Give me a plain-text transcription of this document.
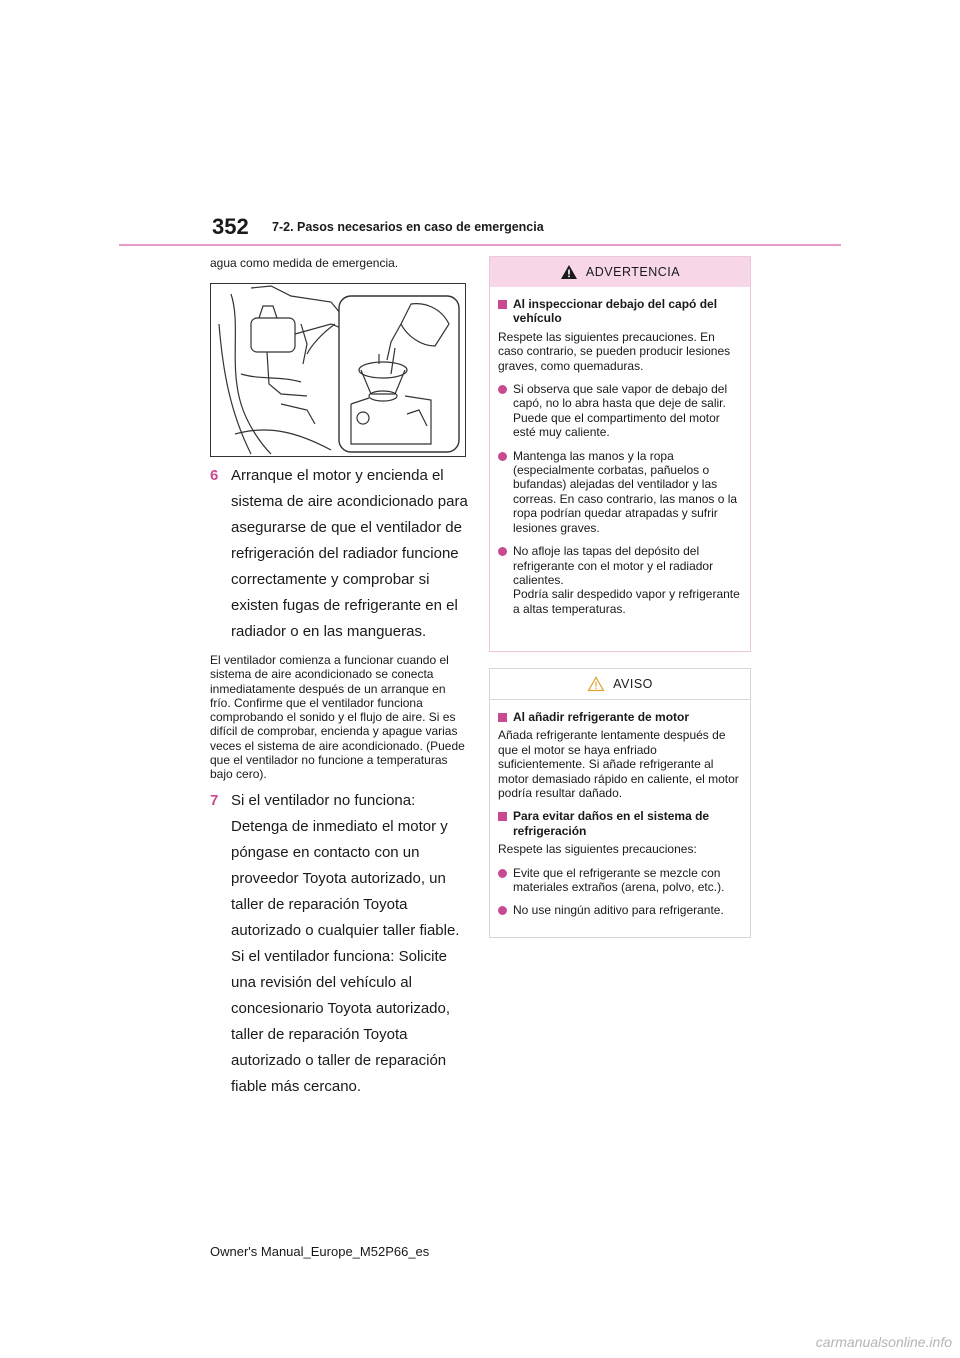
352 7-2. Pasos necesarios en caso de emergencia

agua como medida de emergencia.

6 Arranque el motor y encienda el sistema de aire acondicionado para asegurarse de que el ventilador de refrigeración del radiador funcione correctamente y comprobar si existen fugas de refrigerante en el radiador o en las mangueras.

El ventilador comienza a funcionar cuando el sistema de aire acondicionado se conecta inmediatamente después de un arranque en frío. Confirme que el ventilador funciona comprobando el sonido y el flujo de aire. Si es difícil de comprobar, encienda y apague varias veces el sistema de aire acondicionado. (Puede que el ventilador no funcione a temperaturas bajo cero).

7 Si el ventilador no funciona: Detenga de inmediato el motor y póngase en contacto con un proveedor Toyota autorizado, un taller de reparación Toyota autorizado o cualquier taller fiable.

Si el ventilador funciona: Solicite una revisión del vehículo al concesionario Toyota autorizado, taller de reparación Toyota autorizado o taller de reparación fiable más cercano.

ADVERTENCIA
Al inspeccionar debajo del capó del vehículo

Respete las siguientes precauciones. En caso contrario, se pueden producir lesiones graves, como quemaduras.

Si observa que sale vapor de debajo del capó, no lo abra hasta que deje de salir. Puede que el compartimento del motor esté muy caliente.
Mantenga las manos y la ropa (especialmente corbatas, pañuelos o bufandas) alejadas del ventilador y las correas. En caso contrario, las manos o la ropa podrían quedar atrapadas y sufrir lesiones graves.
No afloje las tapas del depósito del refrigerante con el motor y el radiador calientes.
Podría salir despedido vapor y refrigerante a altas temperaturas.
AVISO
Al añadir refrigerante de motor

Añada refrigerante lentamente después de que el motor se haya enfriado suficientemente. Si añade refrigerante al motor demasiado rápido en caliente, el motor podría resultar dañado.

Para evitar daños en el sistema de refrigeración

Respete las siguientes precauciones:

Evite que el refrigerante se mezcle con materiales extraños (arena, polvo, etc.).
No use ningún aditivo para refrigerante.
Owner's Manual_Europe_M52P66_es
carmanualsonline.info
